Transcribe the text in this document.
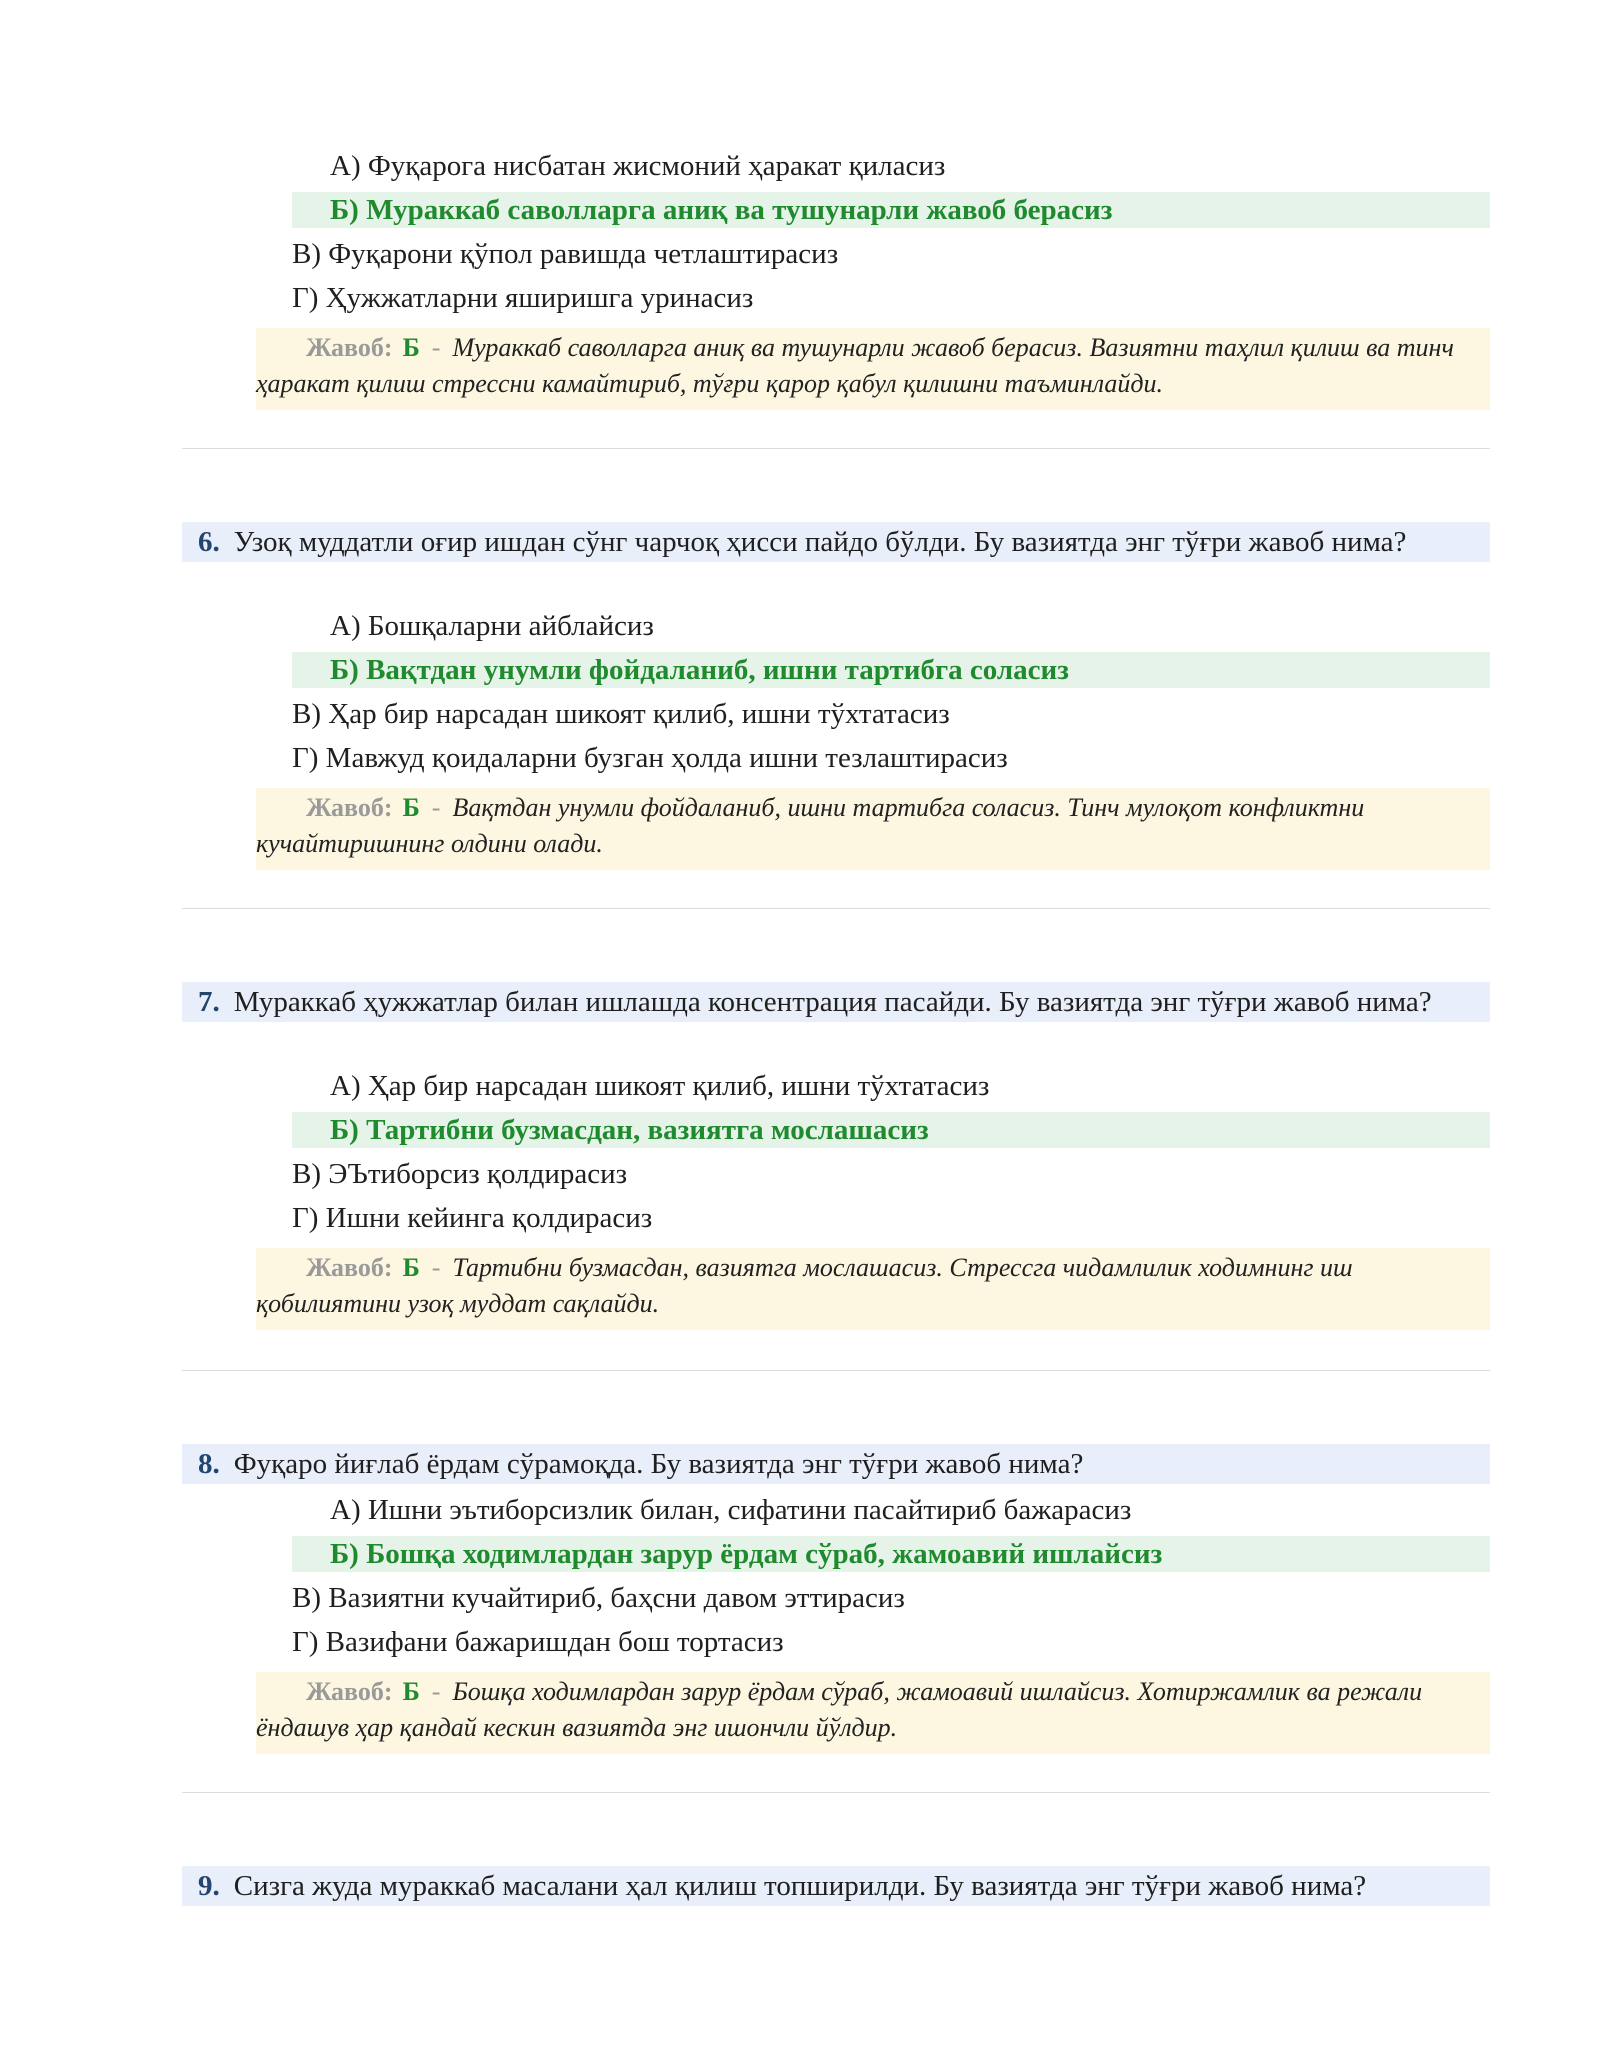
А) Фуқарога нисбатан жисмоний ҳаракат қиласиз
Б) Мураккаб саволларга аниқ ва тушунарли жавоб берасиз
В) Фуқарони қўпол равишда четлаштирасиз
Г) Ҳужжатларни яширишга уринасиз
Жавоб: Б - Мураккаб саволларга аниқ ва тушунарли жавоб берасиз. Вазиятни таҳлил қилиш ва тинч ҳаракат қилиш стрессни камайтириб, тўғри қарор қабул қилишни таъминлайди.
6. Узоқ муддатли оғир ишдан сўнг чарчоқ ҳисси пайдо бўлди. Бу вазиятда энг тўғри жавоб нима?
А) Бошқаларни айблайсиз
Б) Вақтдан унумли фойдаланиб, ишни тартибга соласиз
В) Ҳар бир нарсадан шикоят қилиб, ишни тўхтатасиз
Г) Мавжуд қоидаларни бузган ҳолда ишни тезлаштирасиз
Жавоб: Б - Вақтдан унумли фойдаланиб, ишни тартибга соласиз. Тинч мулоқот конфликтни кучайтиришнинг олдини олади.
7. Мураккаб ҳужжатлар билан ишлашда консентрация пасайди. Бу вазиятда энг тўғри жавоб нима?
А) Ҳар бир нарсадан шикоят қилиб, ишни тўхтатасиз
Б) Тартибни бузмасдан, вазиятга мослашасиз
В) ЭЪтиборсиз қолдирасиз
Г) Ишни кейинга қолдирасиз
Жавоб: Б - Тартибни бузмасдан, вазиятга мослашасиз. Стрессга чидамлилик ходимнинг иш қобилиятини узоқ муддат сақлайди.
8. Фуқаро йиғлаб ёрдам сўрамоқда. Бу вазиятда энг тўғри жавоб нима?
А) Ишни эътиборсизлик билан, сифатини пасайтириб бажарасиз
Б) Бошқа ходимлардан зарур ёрдам сўраб, жамоавий ишлайсиз
В) Вазиятни кучайтириб, баҳсни давом эттирасиз
Г) Вазифани бажаришдан бош тортасиз
Жавоб: Б - Бошқа ходимлардан зарур ёрдам сўраб, жамоавий ишлайсиз. Хотиржамлик ва режали ёндашув ҳар қандай кескин вазиятда энг ишончли йўлдир.
9. Сизга жуда мураккаб масалани ҳал қилиш топширилди. Бу вазиятда энг тўғри жавоб нима?
